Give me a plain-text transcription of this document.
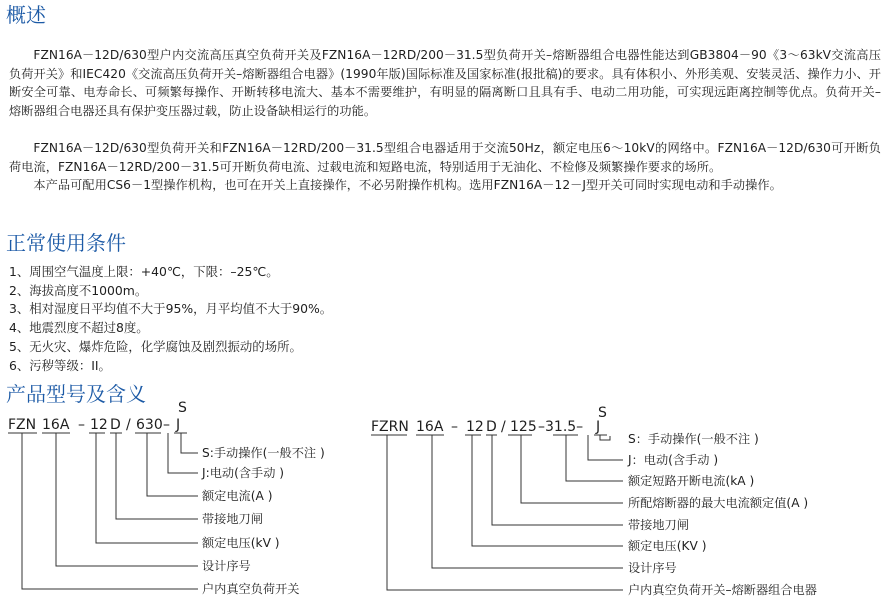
概述

FZN16A－12D/630型户内交流高压真空负荷开关及FZN16A－12RD/200－31.5型负荷开关–熔断器组合电器性能达到GB3804－90《3～63kV交流高压负荷开关》和IEC420《交流高压负荷开关–熔断器组合电器》(1990年版)国际标准及国家标准(报批稿)的要求。具有体积小、外形美观、安装灵活、操作力小、开断安全可靠、电寿命长、可频繁每操作、开断转移电流大、基本不需要维护，有明显的隔离断口且具有手、电动二用功能，可实现远距离控制等优点。负荷开关–熔断器组合电器还具有保护变压器过载，防止设备缺相运行的功能。

FZN16A－12D/630型负荷开关和FZN16A－12RD/200－31.5型组合电器适用于交流50Hz，额定电压6～10kV的网络中。FZN16A－12D/630可开断负荷电流，FZN16A－12RD/200－31.5可开断负荷电流、过载电流和短路电流，特别适用于无油化、不检修及频繁操作要求的场所。

本产品可配用CS6－1型操作机构，也可在开关上直接操作，不必另附操作机构。选用FZN16A－12－J型开关可同时实现电动和手动操作。

正常使用条件
1、周围空气温度上限：+40℃，下限：–25℃。
2、海拔高度不1000m。
3、相对湿度日平均值不大于95%，月平均值不大于90%。
4、地震烈度不超过8度。
5、无火灾、爆炸危险，化学腐蚀及剧烈振动的场所。
6、污秽等级：II。
产品型号及含义
S
FZN 16A – 12 D / 630 – J
S:手动操作(一般不注 )
J:电动(含手动 )
额定电流(A )
带接地刀闸
额定电压(kV )
设计序号
户内真空负荷开关
S
FZRN 16A – 12 D / 125 –31.5– J
S：手动操作(一般不注 )
J：电动(含手动 )
额定短路开断电流(kA )
所配熔断器的最大电流额定值(A )
带接地刀闸
额定电压(KV )
设计序号
户内真空负荷开关–熔断器组合电器
